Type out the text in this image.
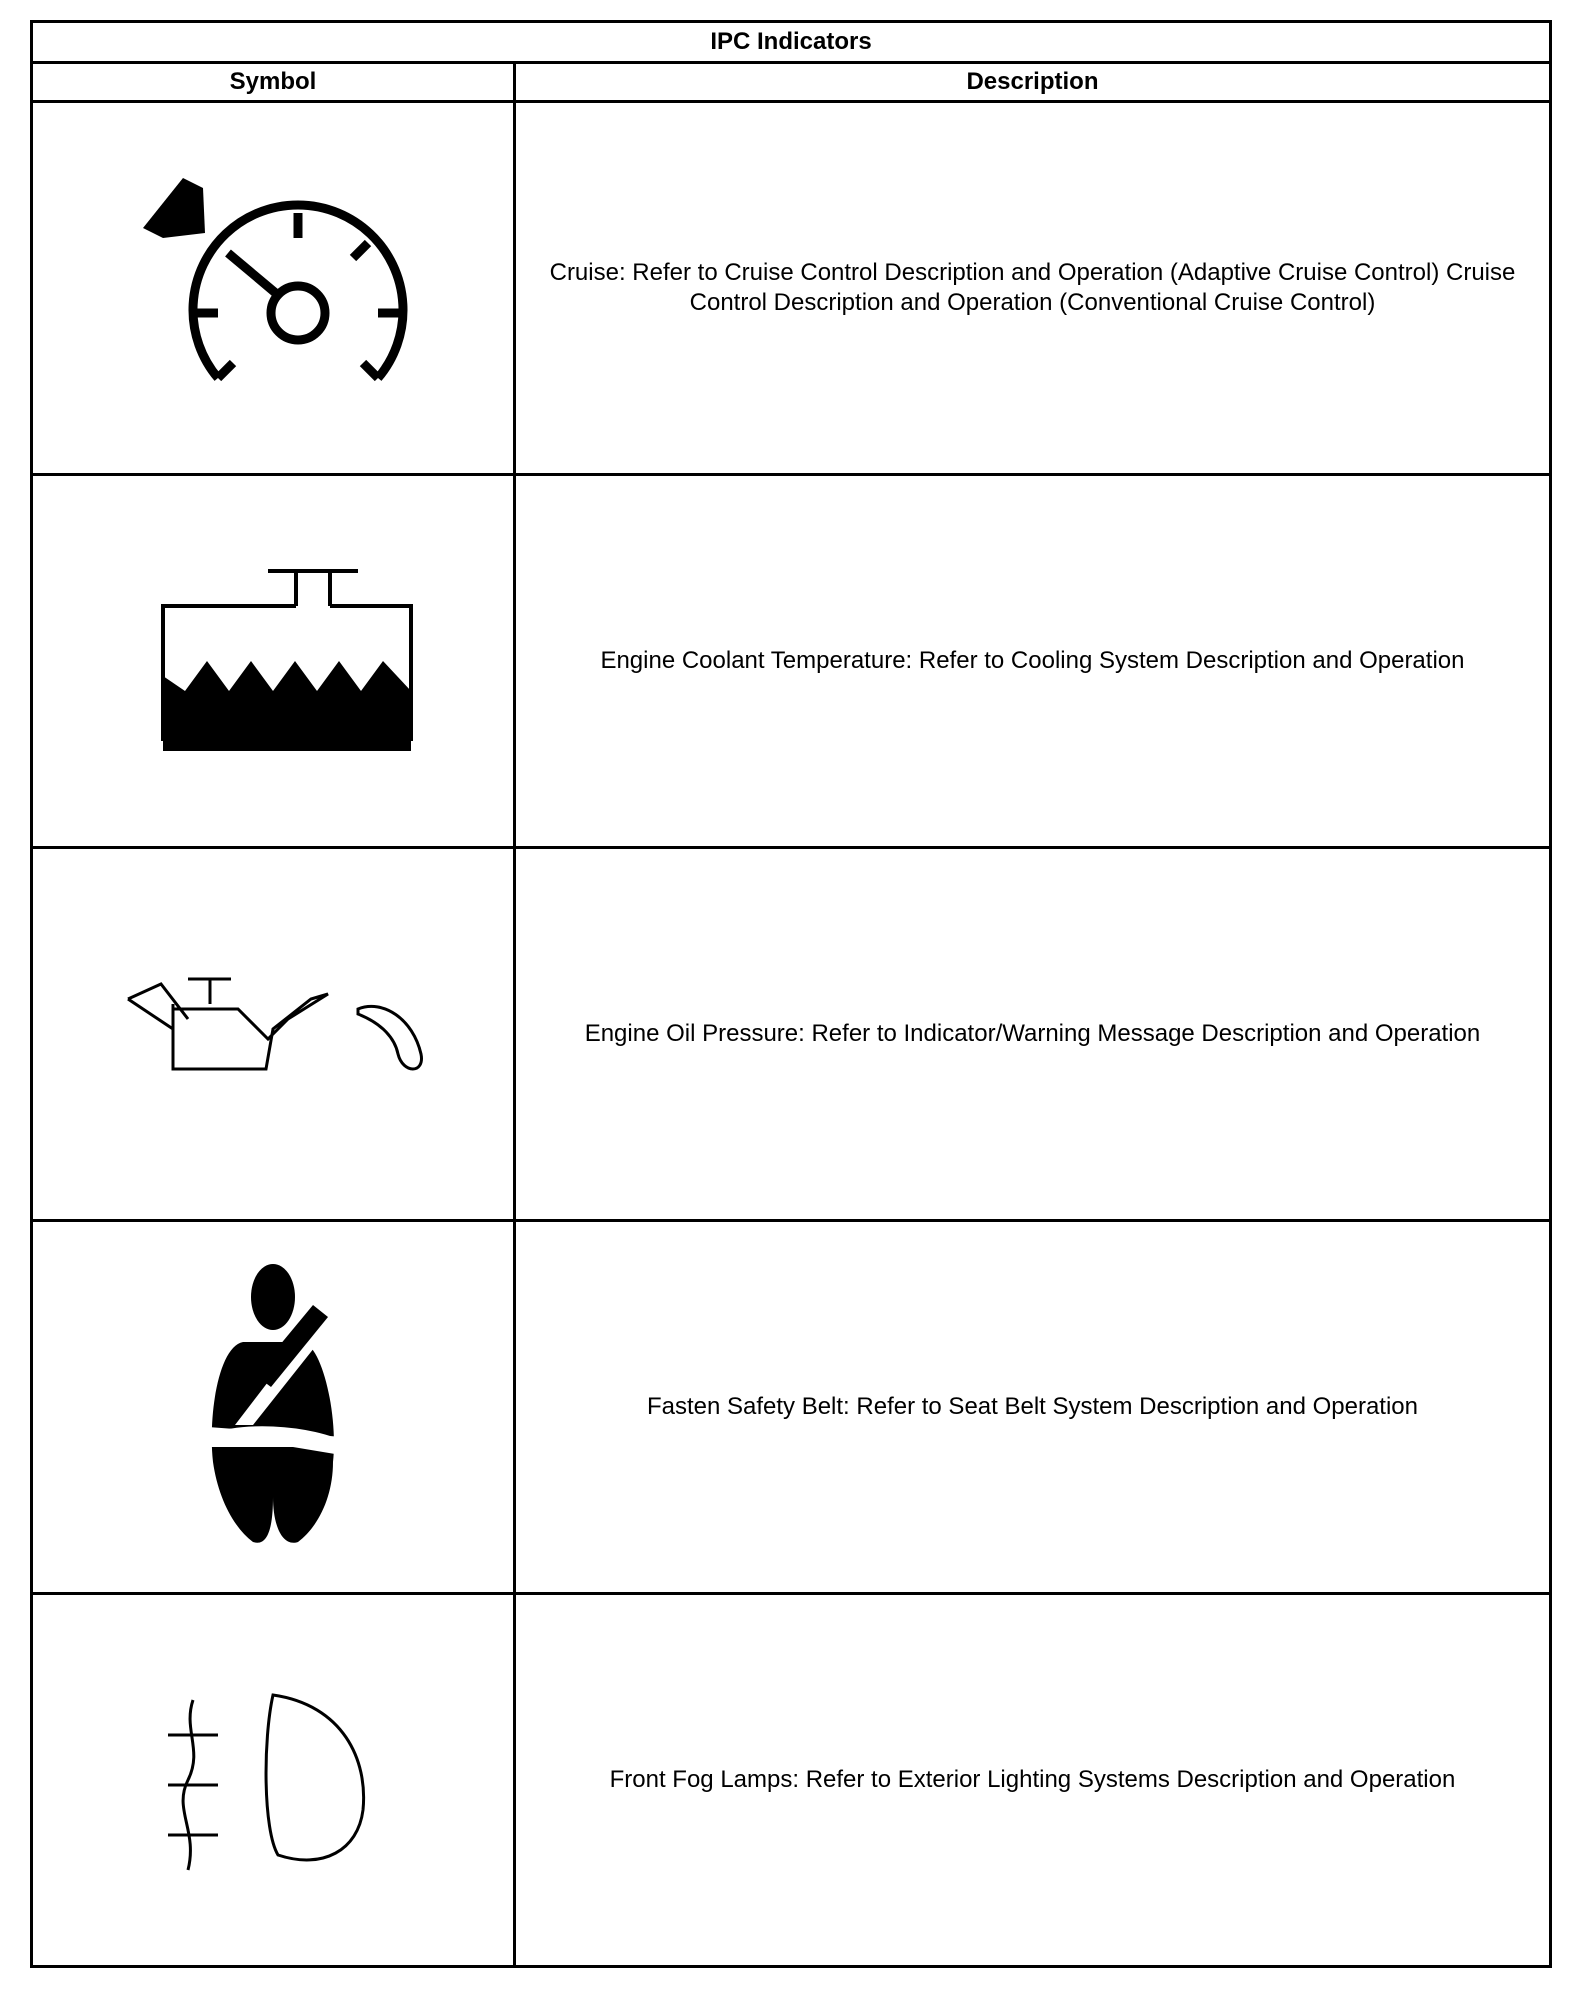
IPC Indicators	
Symbol	Description

	Cruise: Refer to Cruise Control Description and Operation (Adaptive Cruise Control) Cruise Control Description and Operation (Conventional Cruise Control)

	Engine Coolant Temperature: Refer to Cooling System Description and Operation

	Engine Oil Pressure: Refer to Indicator/Warning Message Description and Operation

	Fasten Safety Belt: Refer to Seat Belt System Description and Operation

	Front Fog Lamps: Refer to Exterior Lighting Systems Description and Operation
